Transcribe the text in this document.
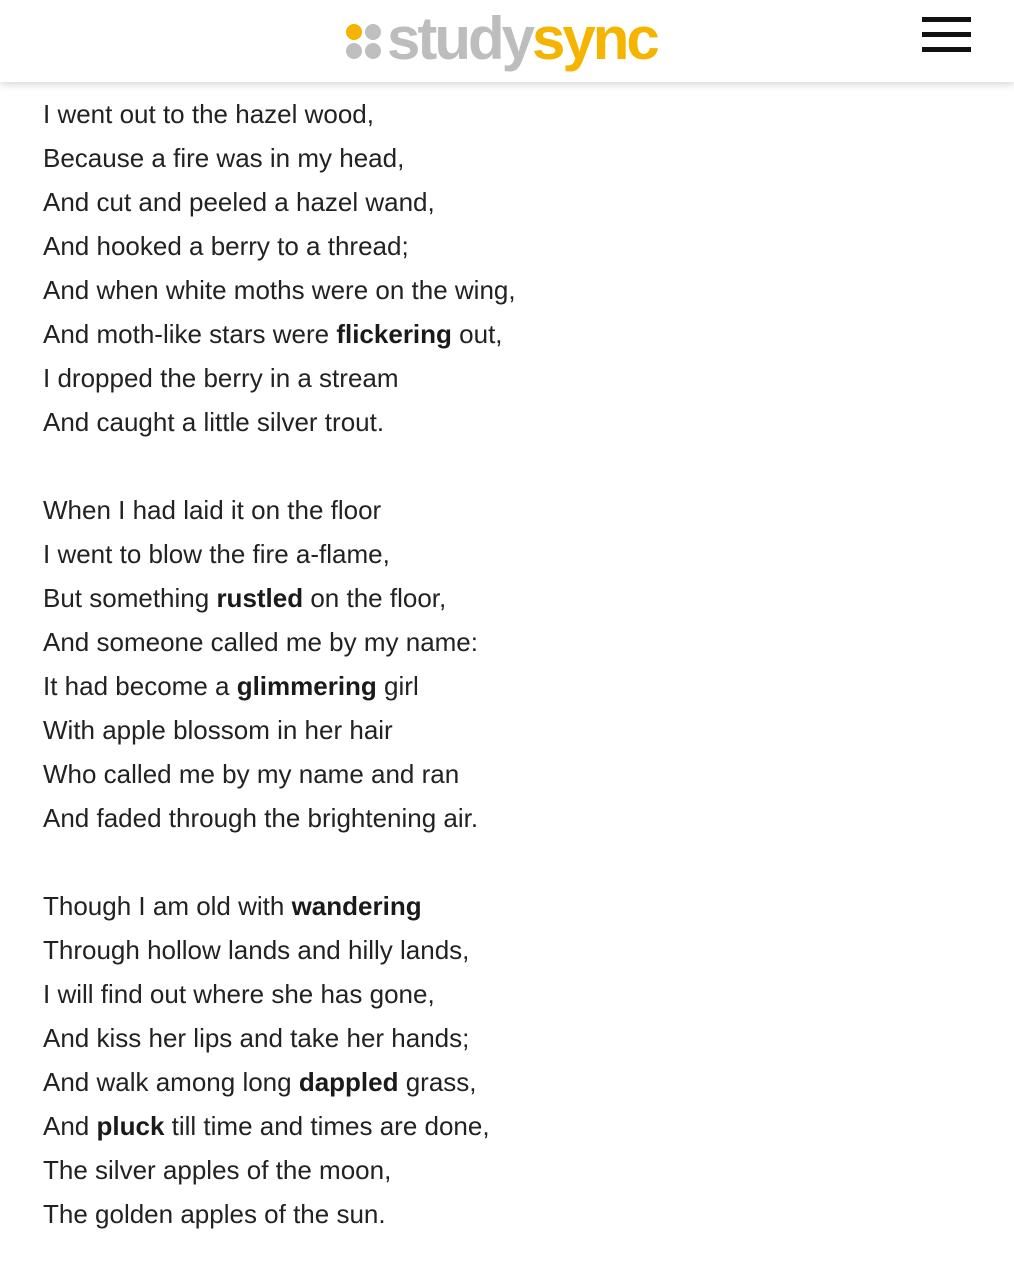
studysync
I went out to the hazel wood,
Because a fire was in my head,
And cut and peeled a hazel wand,
And hooked a berry to a thread;
And when white moths were on the wing,
And moth-like stars were flickering out,
I dropped the berry in a stream
And caught a little silver trout.
When I had laid it on the floor
I went to blow the fire a-flame,
But something rustled on the floor,
And someone called me by my name:
It had become a glimmering girl
With apple blossom in her hair
Who called me by my name and ran
And faded through the brightening air.
Though I am old with wandering
Through hollow lands and hilly lands,
I will find out where she has gone,
And kiss her lips and take her hands;
And walk among long dappled grass,
And pluck till time and times are done,
The silver apples of the moon,
The golden apples of the sun.
